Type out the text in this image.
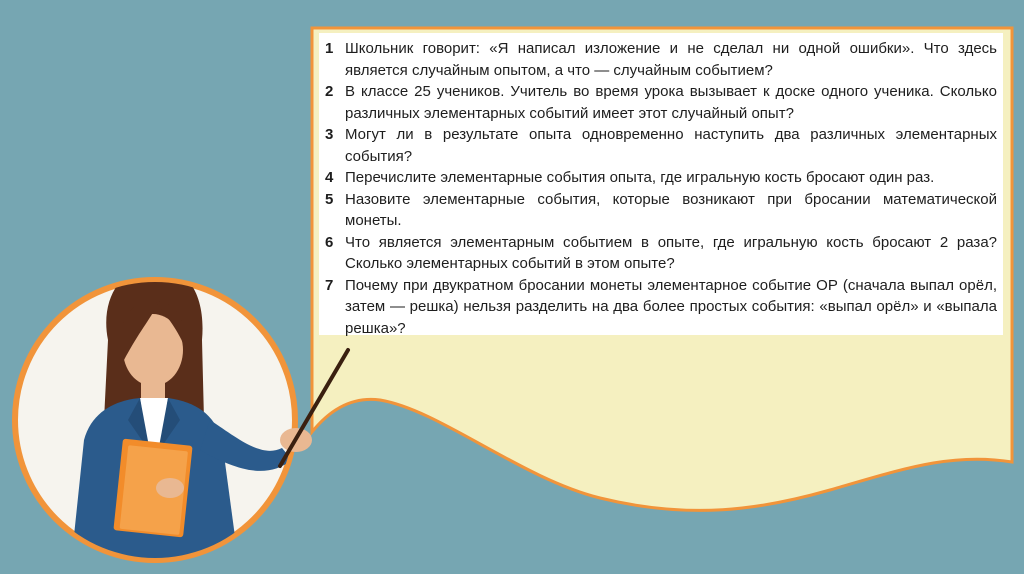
1 Школьник говорит: «Я написал изложение и не сделал ни одной ошибки». Что здесь является случайным опытом, а что — случайным событием?
2 В классе 25 учеников. Учитель во время урока вызывает к доске одного ученика. Сколько различных элементарных событий имеет этот случайный опыт?
3 Могут ли в результате опыта одновременно наступить два различных элементарных события?
4 Перечислите элементарные события опыта, где игральную кость бросают один раз.
5 Назовите элементарные события, которые возникают при бросании математической монеты.
6 Что является элементарным событием в опыте, где игральную кость бросают 2 раза? Сколько элементарных событий в этом опыте?
7 Почему при двукратном бросании монеты элементарное событие ОР (сначала выпал орёл, затем — решка) нельзя разделить на два более простых события: «выпал орёл» и «выпала решка»?
